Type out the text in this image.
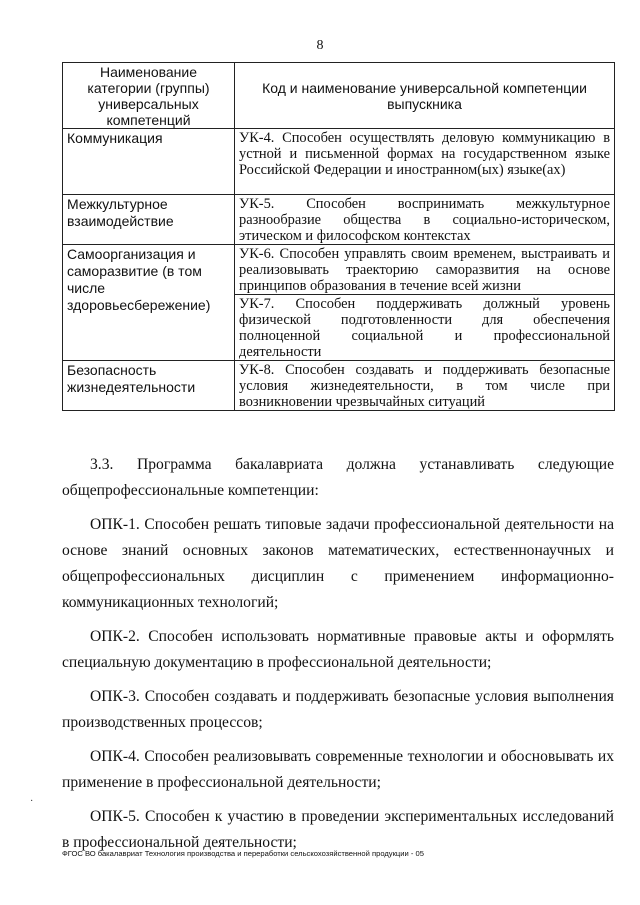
8
Наименование категории (группы) универсальных компетенций	Код и наименование универсальной компетенции выпускника
Коммуникация	УК-4. Способен осуществлять деловую коммуникацию в устной и письменной формах на государственном языке Российской Федерации и иностранном(ых) языке(ах)
Межкультурное взаимодействие	УК-5. Способен воспринимать межкультурное разнообразие общества в социально-историческом, этическом и философском контекстах
Самоорганизация и саморазвитие (в том числе здоровьесбережение)	УК-6. Способен управлять своим временем, выстраивать и реализовывать траекторию саморазвития на основе принципов образования в течение всей жизни
	УК-7. Способен поддерживать должный уровень физической подготовленности для обеспечения полноценной социальной и профессиональной деятельности
Безопасность жизнедеятельности	УК-8. Способен создавать и поддерживать безопасные условия жизнедеятельности, в том числе при возникновении чрезвычайных ситуаций

3.3. Программа бакалавриата должна устанавливать следующие общепрофессиональные компетенции:

ОПК-1. Способен решать типовые задачи профессиональной деятельности на основе знаний основных законов математических, естественнонаучных и общепрофессиональных дисциплин с применением информационно-коммуникационных технологий;

ОПК-2. Способен использовать нормативные правовые акты и оформлять специальную документацию в профессиональной деятельности;

ОПК-3. Способен создавать и поддерживать безопасные условия выполнения производственных процессов;

ОПК-4. Способен реализовывать современные технологии и обосновывать их применение в профессиональной деятельности;

ОПК-5. Способен к участию в проведении экспериментальных исследований в профессиональной деятельности;

·
ФГОС ВО бакалавриат Технология производства и переработки сельскохозяйственной продукции - 05
